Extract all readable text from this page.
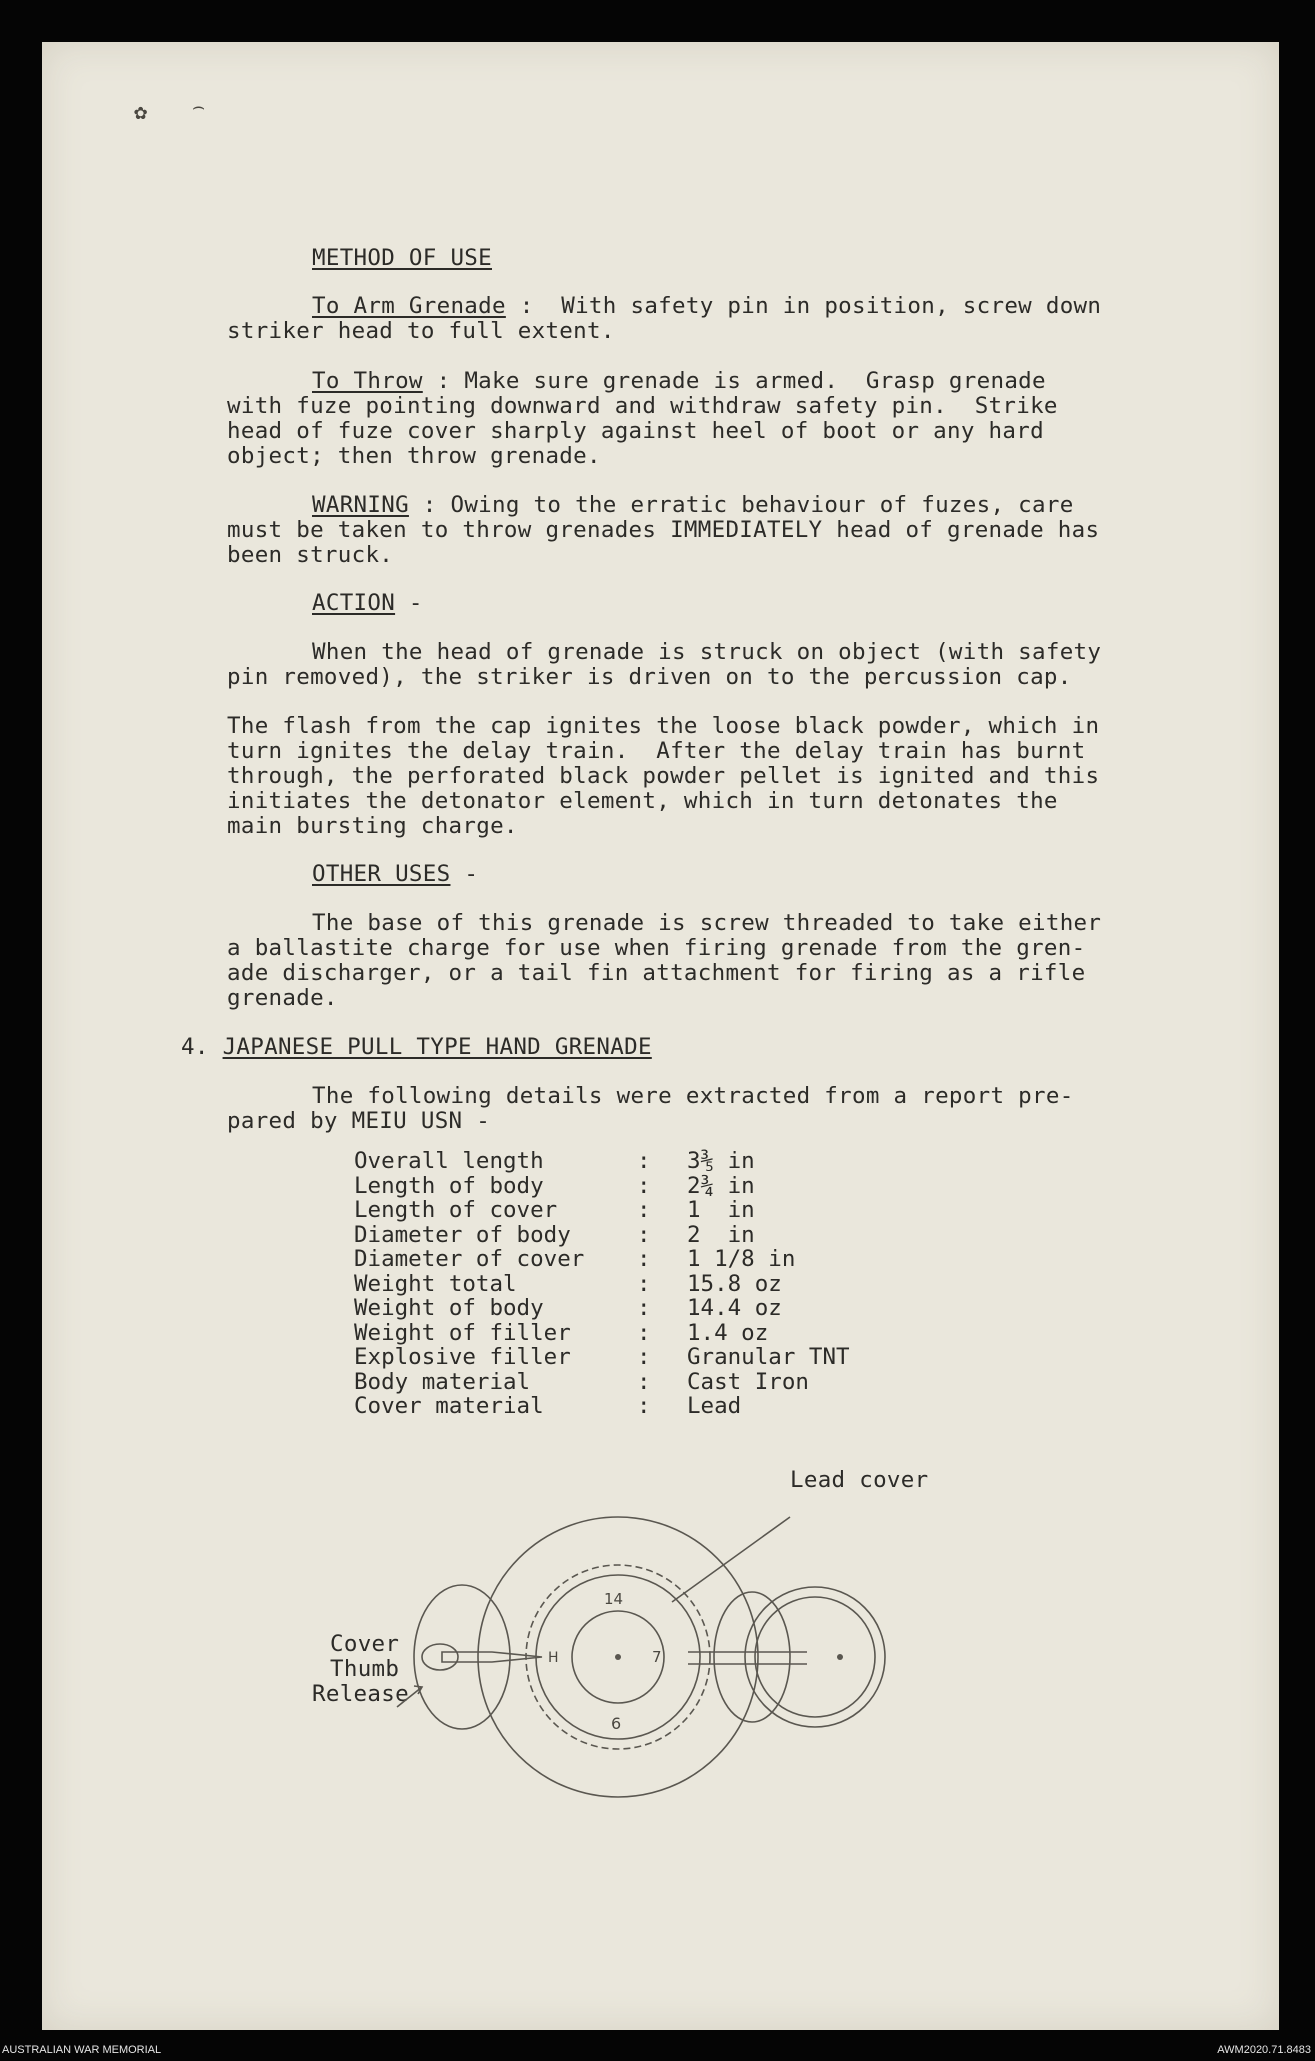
✿ ⌢
METHOD OF USE
To Arm Grenade :  With safety pin in position, screw down
striker head to full extent.
To Throw : Make sure grenade is armed.  Grasp grenade
with fuze pointing downward and withdraw safety pin.  Strike
head of fuze cover sharply against heel of boot or any hard
object; then throw grenade.
WARNING : Owing to the erratic behaviour of fuzes, care
must be taken to throw grenades IMMEDIATELY head of grenade has
been struck.
ACTION -
When the head of grenade is struck on object (with safety
pin removed), the striker is driven on to the percussion cap.
The flash from the cap ignites the loose black powder, which in
turn ignites the delay train.  After the delay train has burnt
through, the perforated black powder pellet is ignited and this
initiates the detonator element, which in turn detonates the
main bursting charge.
OTHER USES -
The base of this grenade is screw threaded to take either
a ballastite charge for use when firing grenade from the gren-
ade discharger, or a tail fin attachment for firing as a rifle
grenade.
4. JAPANESE PULL TYPE HAND GRENADE
The following details were extracted from a report pre-
pared by MEIU USN -
Overall length	:	3⅗ in
Length of body	:	2¾ in
Length of cover	:	1  in
Diameter of body	:	2  in
Diameter of cover	:	1 1/8 in
Weight total	:	15.8 oz
Weight of body	:	14.4 oz
Weight of filler	:	1.4 oz
Explosive filler	:	Granular TNT
Body material	:	Cast Iron
Cover material	:	Lead
Lead cover
Cover
Thumb
Release
14
7
6
H
AUSTRALIAN WAR MEMORIAL	AWM2020.71.8483
